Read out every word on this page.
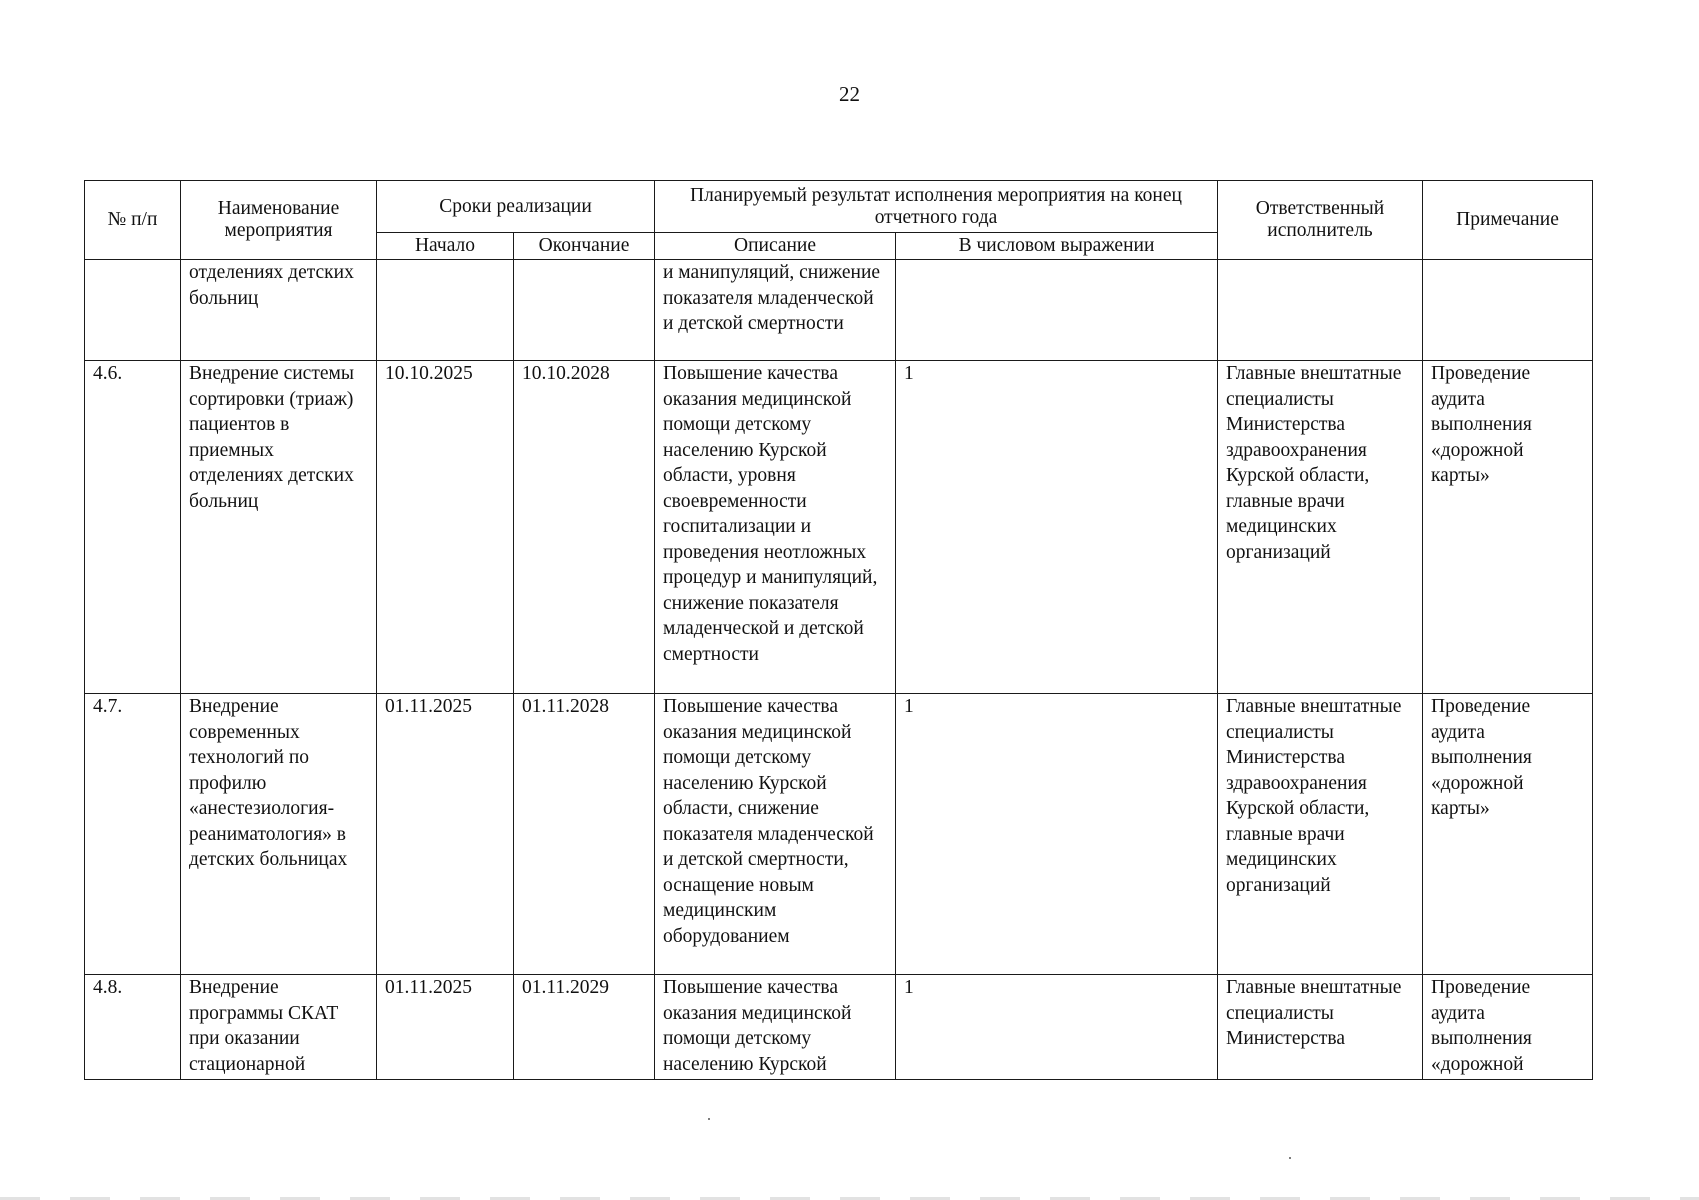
22
№ п/п	Наименование мероприятия	Сроки реализации		Планируемый результат исполнения мероприятия на конец отчетного года		Ответственный исполнитель	Примечание
		Начало	Окончание	Описание	В числовом выражении		
	отделениях детских больниц			и манипуляций, снижение показателя младенческой и детской смертности			
4.6.	Внедрение системы сортировки (триаж) пациентов в приемных отделениях детских больниц	10.10.2025	10.10.2028	Повышение качества оказания медицинской помощи детскому населению Курской области, уровня своевременности госпитализации и проведения неотложных процедур и манипуляций, снижение показателя младенческой и детской смертности	1	Главные внештатные специалисты Министерства здравоохранения Курской области, главные врачи медицинских организаций	Проведение аудита выполнения «дорожной карты»
4.7.	Внедрение современных технологий по профилю «анестезиология-реаниматология» в детских больницах	01.11.2025	01.11.2028	Повышение качества оказания медицинской помощи детскому населению Курской области, снижение показателя младенческой и детской смертности, оснащение новым медицинским оборудованием	1	Главные внештатные специалисты Министерства здравоохранения Курской области, главные врачи медицинских организаций	Проведение аудита выполнения «дорожной карты»
4.8.	Внедрение программы СКАТ при оказании стационарной	01.11.2025	01.11.2029	Повышение качества оказания медицинской помощи детскому населению Курской	1	Главные внештатные специалисты Министерства	Проведение аудита выполнения «дорожной
